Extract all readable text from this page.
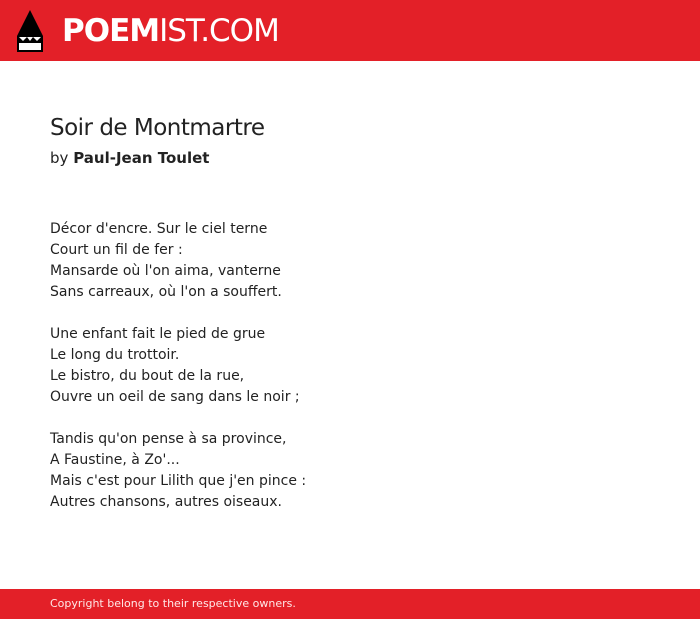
POEMIST.COM
Soir de Montmartre
by Paul-Jean Toulet
Décor d'encre. Sur le ciel terne
Court un fil de fer :
Mansarde où l'on aima, vanterne
Sans carreaux, où l'on a souffert.
Une enfant fait le pied de grue
Le long du trottoir.
Le bistro, du bout de la rue,
Ouvre un oeil de sang dans le noir ;
Tandis qu'on pense à sa province,
A Faustine, à Zo'...
Mais c'est pour Lilith que j'en pince :
Autres chansons, autres oiseaux.
Copyright belong to their respective owners.
